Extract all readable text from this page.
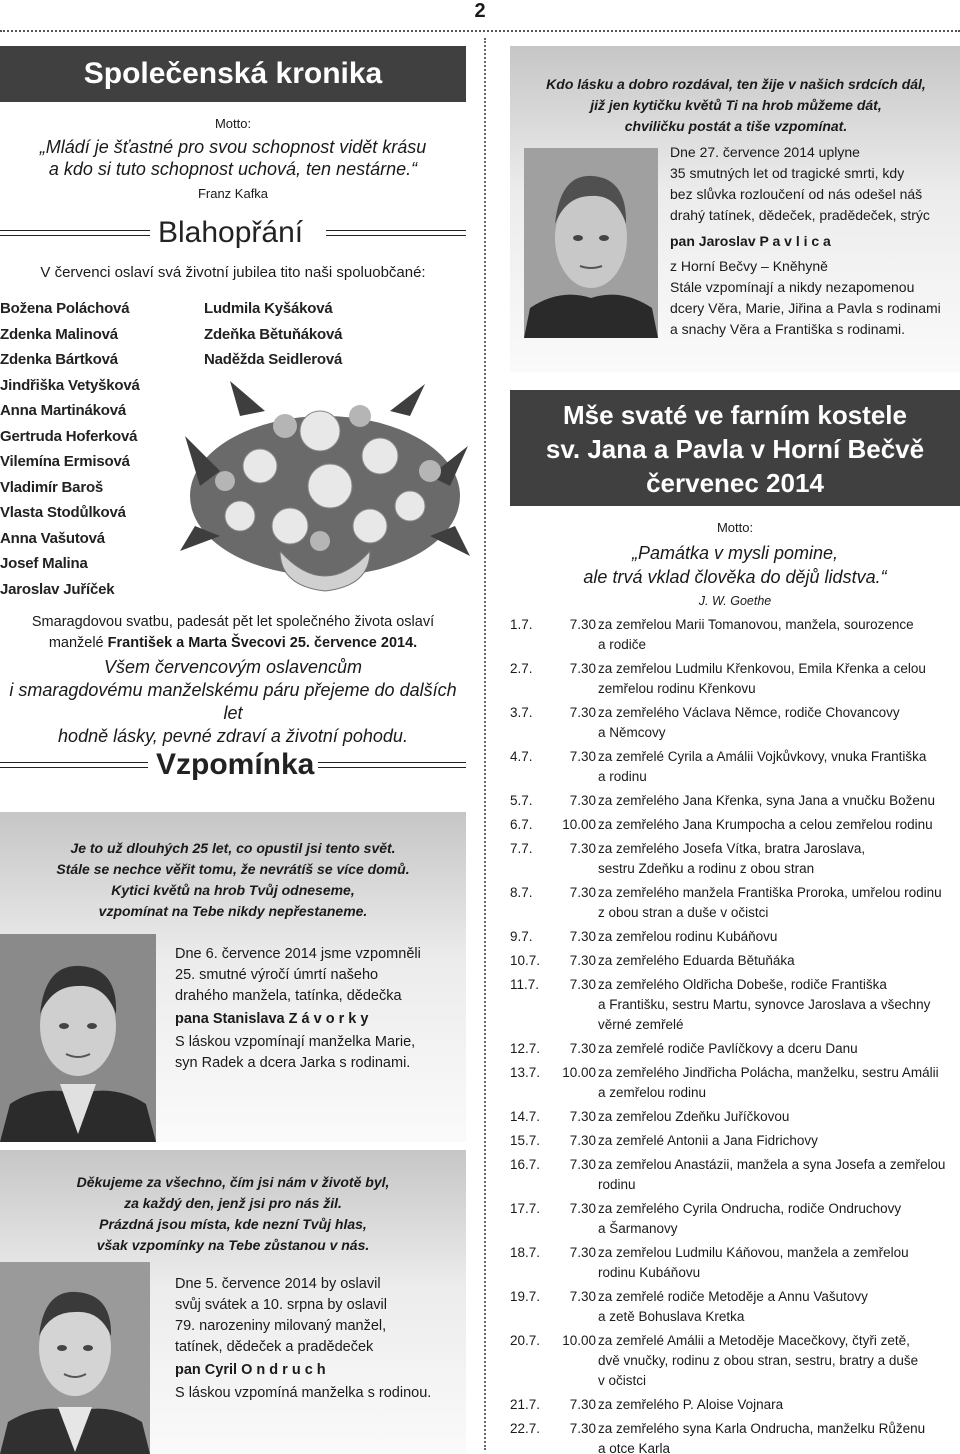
2
Společenská kronika
Motto:
„Mládí je šťastné pro svou schopnost vidět krásu
a kdo si tuto schopnost uchová, ten nestárne.“
Franz Kafka
Blahopřání
V červenci oslaví svá životní jubilea tito naši spoluobčané:
Božena Poláchová
Zdenka Malinová
Zdenka Bártková
Jindřiška Vetyšková
Anna Martináková
Gertruda Hoferková
Vilemína Ermisová
Vladimír Baroš
Vlasta Stodůlková
Anna Vašutová
Josef Malina
Jaroslav Juříček
Ludmila Kyšáková
Zdeňka Bětuňáková
Naděžda Seidlerová
Smaragdovou svatbu, padesát pět let společného života oslaví
manželé František a Marta Švecovi 25. července 2014.
Všem červencovým oslavencům
i smaragdovému manželskému páru přejeme do dalších let
hodně lásky, pevné zdraví a životní pohodu.
Vzpomínka
Je to už dlouhých 25 let, co opustil jsi tento svět.
Stále se nechce věřit tomu, že nevrátíš se více domů.
Kytici květů na hrob Tvůj odneseme,
vzpomínat na Tebe nikdy nepřestaneme.
Dne 6. července 2014 jsme vzpomněli
25. smutné výročí úmrtí našeho
drahého manžela, tatínka, dědečka
pana Stanislava Z á v o r k y
S láskou vzpomínají manželka Marie,
syn Radek a dcera Jarka s rodinami.
Děkujeme za všechno, čím jsi nám v životě byl,
za každý den, jenž jsi pro nás žil.
Prázdná jsou místa, kde nezní Tvůj hlas,
však vzpomínky na Tebe zůstanou v nás.
Dne 5. července 2014 by oslavil
svůj svátek a 10. srpna by oslavil
79. narozeniny milovaný manžel,
tatínek, dědeček a pradědeček
pan Cyril O n d r u c h
S láskou vzpomíná manželka s rodinou.
Kdo lásku a dobro rozdával, ten žije v našich srdcích dál,
již jen kytičku květů Ti na hrob můžeme dát,
chviličku postát a tiše vzpomínat.
Dne 27. července 2014 uplyne
35 smutných let od tragické smrti, kdy
bez slůvka rozloučení od nás odešel náš
drahý tatínek, dědeček, pradědeček, strýc
pan Jaroslav P a v l i c a
z Horní Bečvy – Kněhyně
Stále vzpomínají a nikdy nezapomenou
dcery Věra, Marie, Jiřina a Pavla s rodinami
a snachy Věra a Františka s rodinami.
Mše svaté ve farním kostele
sv. Jana a Pavla v Horní Bečvě
červenec 2014
Motto:
„Památka v mysli pomine,
ale trvá vklad člověka do dějů lidstva.“
J. W. Goethe
1.7.	7.30 za zemřelou Marii Tomanovou, manžela, sourozence
a rodiče
2.7.	7.30 za zemřelou Ludmilu Křenkovou, Emila Křenka a celou
zemřelou rodinu Křenkovu
3.7.	7.30 za zemřelého Václava Němce, rodiče Chovancovy
a Němcovy
4.7.	7.30 za zemřelé Cyrila a Amálii Vojkůvkovy, vnuka Františka
a rodinu
5.7.	7.30 za zemřelého Jana Křenka, syna Jana a vnučku Boženu
6.7.	10.00 za zemřelého Jana Krumpocha a celou zemřelou rodinu
7.7.	7.30 za zemřelého Josefa Vítka, bratra Jaroslava,
sestru Zdeňku a rodinu z obou stran
8.7.	7.30 za zemřelého manžela Františka Proroka, umřelou rodinu
z obou stran a duše v očistci
9.7.	7.30 za zemřelou rodinu Kubáňovu
10.7.	7.30 za zemřelého Eduarda Bětuňáka
11.7.	7.30 za zemřelého Oldřicha Dobeše, rodiče Františka
a Františku, sestru Martu, synovce Jaroslava a všechny
věrné zemřelé
12.7.	7.30 za zemřelé rodiče Pavlíčkovy a dceru Danu
13.7.	10.00 za zemřelého Jindřicha Polácha, manželku, sestru Amálii
a zemřelou rodinu
14.7.	7.30 za zemřelou Zdeňku Juříčkovou
15.7.	7.30 za zemřelé Antonii a Jana Fidrichovy
16.7.	7.30 za zemřelou Anastázii, manžela a syna Josefa a zemřelou
rodinu
17.7.	7.30 za zemřelého Cyrila Ondrucha, rodiče Ondruchovy
a Šarmanovy
18.7.	7.30 za zemřelou Ludmilu Káňovou, manžela a zemřelou
rodinu Kubáňovu
19.7.	7.30 za zemřelé rodiče Metoděje a Annu Vašutovy
a zetě Bohuslava Kretka
20.7.	10.00 za zemřelé Amálii a Metoděje Macečkovy, čtyři zetě,
dvě vnučky, rodinu z obou stran, sestru, bratry a duše
v očistci
21.7.	7.30 za zemřelého P. Aloise Vojnara
22.7.	7.30 za zemřelého syna Karla Ondrucha, manželku Růženu
a otce Karla
